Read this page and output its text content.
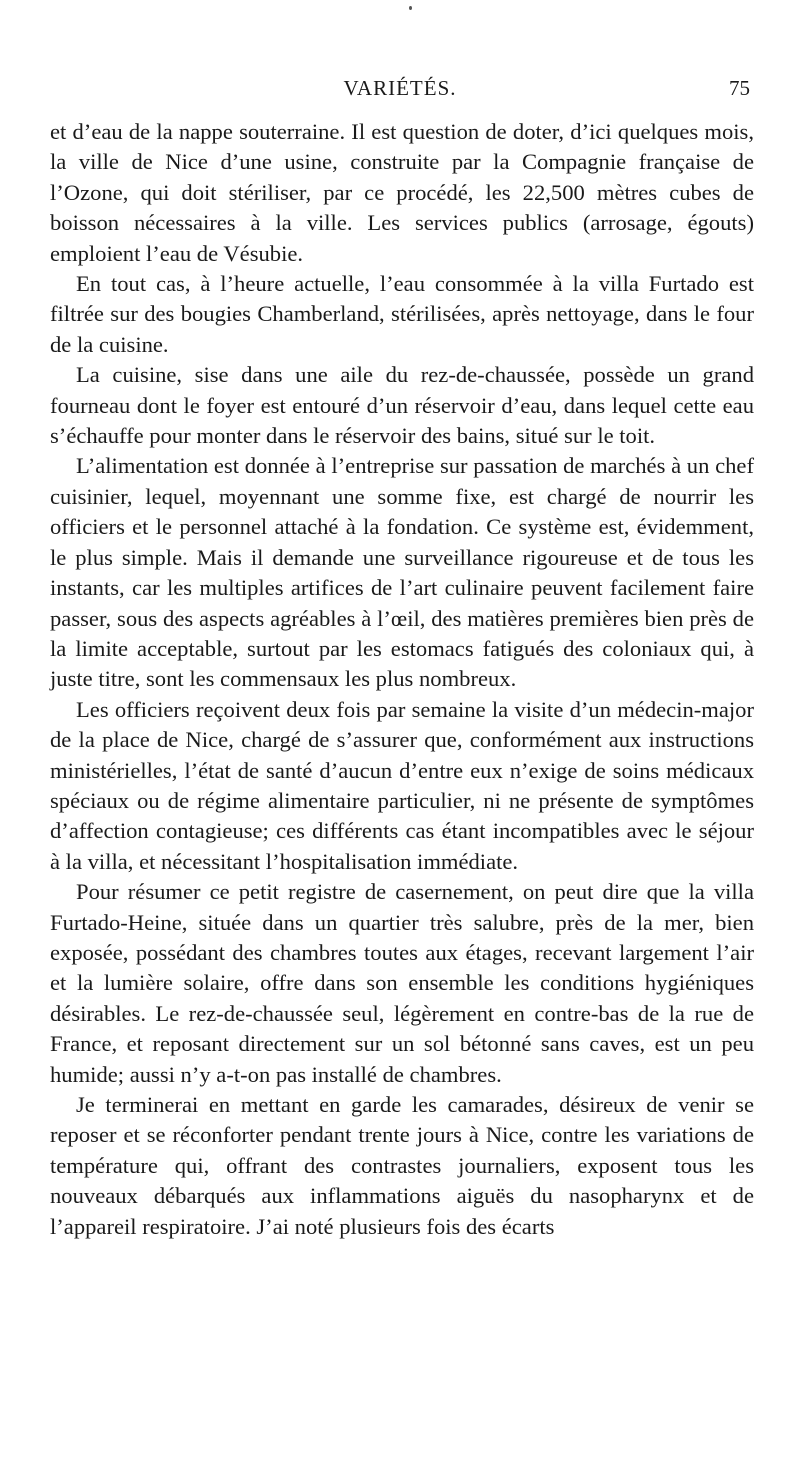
VARIÉTÉS.	75

et d’eau de la nappe souterraine. Il est question de doter, d’ici quelques mois, la ville de Nice d’une usine, construite par la Compagnie française de l’Ozone, qui doit stériliser, par ce procédé, les 22,500 mètres cubes de boisson nécessaires à la ville. Les services publics (arrosage, égouts) emploient l’eau de Vésubie.

En tout cas, à l’heure actuelle, l’eau consommée à la villa Furtado est filtrée sur des bougies Chamberland, stérilisées, après nettoyage, dans le four de la cuisine.

La cuisine, sise dans une aile du rez-de-chaussée, possède un grand fourneau dont le foyer est entouré d’un réservoir d’eau, dans lequel cette eau s’échauffe pour monter dans le réservoir des bains, situé sur le toit.

L’alimentation est donnée à l’entreprise sur passation de marchés à un chef cuisinier, lequel, moyennant une somme fixe, est chargé de nourrir les officiers et le personnel attaché à la fondation. Ce système est, évidemment, le plus simple. Mais il demande une surveillance rigoureuse et de tous les instants, car les multiples artifices de l’art culinaire peuvent facilement faire passer, sous des aspects agréables à l’œil, des matières premières bien près de la limite acceptable, surtout par les estomacs fatigués des coloniaux qui, à juste titre, sont les commensaux les plus nombreux.

Les officiers reçoivent deux fois par semaine la visite d’un médecin-major de la place de Nice, chargé de s’assurer que, conformément aux instructions ministérielles, l’état de santé d’aucun d’entre eux n’exige de soins médicaux spéciaux ou de régime alimentaire particulier, ni ne présente de symptômes d’affection contagieuse; ces différents cas étant incompatibles avec le séjour à la villa, et nécessitant l’hospitalisation immédiate.

Pour résumer ce petit registre de casernement, on peut dire que la villa Furtado-Heine, située dans un quartier très salubre, près de la mer, bien exposée, possédant des chambres toutes aux étages, recevant largement l’air et la lumière solaire, offre dans son ensemble les conditions hygiéniques désirables. Le rez-de-chaussée seul, légèrement en contre-bas de la rue de France, et reposant directement sur un sol bétonné sans caves, est un peu humide; aussi n’y a-t-on pas installé de chambres.

Je terminerai en mettant en garde les camarades, désireux de venir se reposer et se réconforter pendant trente jours à Nice, contre les variations de température qui, offrant des contrastes journaliers, exposent tous les nouveaux débarqués aux inflammations aiguës du nasopharynx et de l’appareil respiratoire. J’ai noté plusieurs fois des écarts
